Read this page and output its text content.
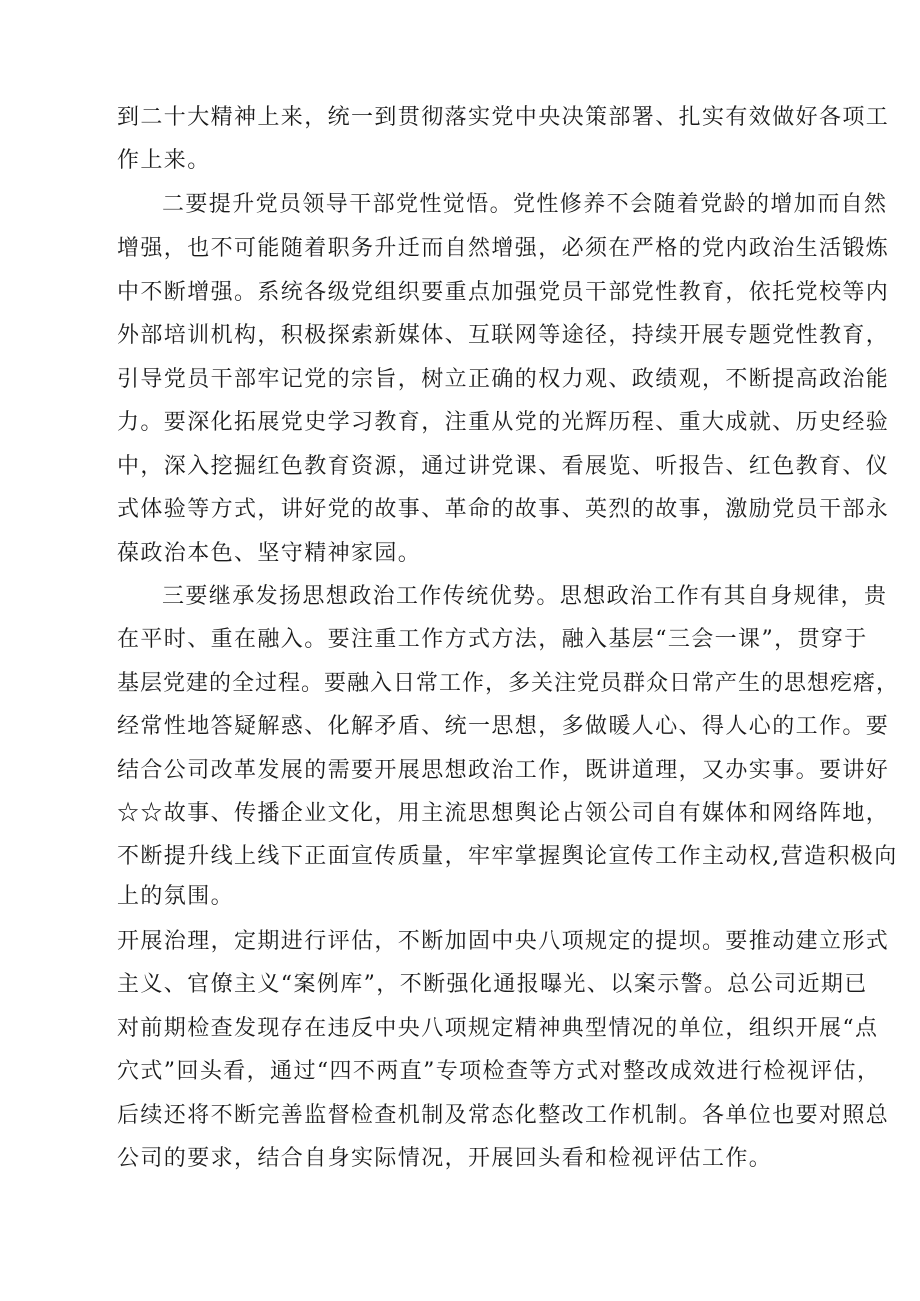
到二十大精神上来，统一到贯彻落实党中央决策部署、扎实有效做好各项工

作上来。

二要提升党员领导干部党性觉悟。党性修养不会随着党龄的增加而自然

增强，也不可能随着职务升迁而自然增强，必须在严格的党内政治生活锻炼

中不断增强。系统各级党组织要重点加强党员干部党性教育，依托党校等内

外部培训机构，积极探索新媒体、互联网等途径，持续开展专题党性教育，

引导党员干部牢记党的宗旨，树立正确的权力观、政绩观，不断提高政治能

力。要深化拓展党史学习教育，注重从党的光辉历程、重大成就、历史经验

中，深入挖掘红色教育资源，通过讲党课、看展览、听报告、红色教育、仪

式体验等方式，讲好党的故事、革命的故事、英烈的故事，激励党员干部永

葆政治本色、坚守精神家园。

三要继承发扬思想政治工作传统优势。思想政治工作有其自身规律，贵

在平时、重在融入。要注重工作方式方法，融入基层“三会一课”，贯穿于

基层党建的全过程。要融入日常工作，多关注党员群众日常产生的思想疙瘩，

经常性地答疑解惑、化解矛盾、统一思想，多做暖人心、得人心的工作。要

结合公司改革发展的需要开展思想政治工作，既讲道理，又办实事。要讲好

☆☆故事、传播企业文化，用主流思想舆论占领公司自有媒体和网络阵地，

不断提升线上线下正面宣传质量，牢牢掌握舆论宣传工作主动权,营造积极向

上的氛围。

开展治理，定期进行评估，不断加固中央八项规定的提坝。要推动建立形式

主义、官僚主义“案例库”，不断强化通报曝光、以案示警。总公司近期已

对前期检查发现存在违反中央八项规定精神典型情况的单位，组织开展“点

穴式”回头看，通过“四不两直”专项检查等方式对整改成效进行检视评估，

后续还将不断完善监督检查机制及常态化整改工作机制。各单位也要对照总

公司的要求，结合自身实际情况，开展回头看和检视评估工作。
